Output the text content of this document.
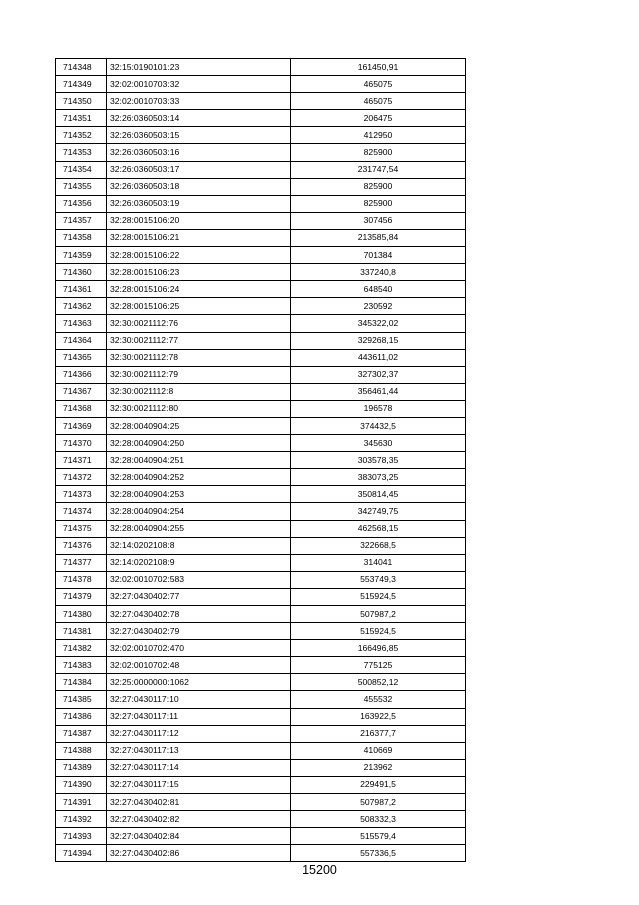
714348	32:15:0190101:23	161450,91
714349	32:02:0010703:32	465075
714350	32:02:0010703:33	465075
714351	32:26:0360503:14	206475
714352	32:26:0360503:15	412950
714353	32:26:0360503:16	825900
714354	32:26:0360503:17	231747,54
714355	32:26:0360503:18	825900
714356	32:26:0360503:19	825900
714357	32:28:0015106:20	307456
714358	32:28:0015106:21	213585,84
714359	32:28:0015106:22	701384
714360	32:28:0015106:23	337240,8
714361	32:28:0015106:24	648540
714362	32:28:0015106:25	230592
714363	32:30:0021112:76	345322,02
714364	32:30:0021112:77	329268,15
714365	32:30:0021112:78	443611,02
714366	32:30:0021112:79	327302,37
714367	32:30:0021112:8	356461,44
714368	32:30:0021112:80	196578
714369	32:28:0040904:25	374432,5
714370	32:28:0040904:250	345630
714371	32:28:0040904:251	303578,35
714372	32:28:0040904:252	383073,25
714373	32:28:0040904:253	350814,45
714374	32:28:0040904:254	342749,75
714375	32:28:0040904:255	462568,15
714376	32:14:0202108:8	322668,5
714377	32:14:0202108:9	314041
714378	32:02:0010702:583	553749,3
714379	32:27:0430402:77	515924,5
714380	32:27:0430402:78	507987,2
714381	32:27:0430402:79	515924,5
714382	32:02:0010702:470	166496,85
714383	32:02:0010702:48	775125
714384	32:25:0000000:1062	500852,12
714385	32:27:0430117:10	455532
714386	32:27:0430117:11	163922,5
714387	32:27:0430117:12	216377,7
714388	32:27:0430117:13	410669
714389	32:27:0430117:14	213962
714390	32:27:0430117:15	229491,5
714391	32:27:0430402:81	507987,2
714392	32:27:0430402:82	508332,3
714393	32:27:0430402:84	515579,4
714394	32:27:0430402:86	557336,5
15200
